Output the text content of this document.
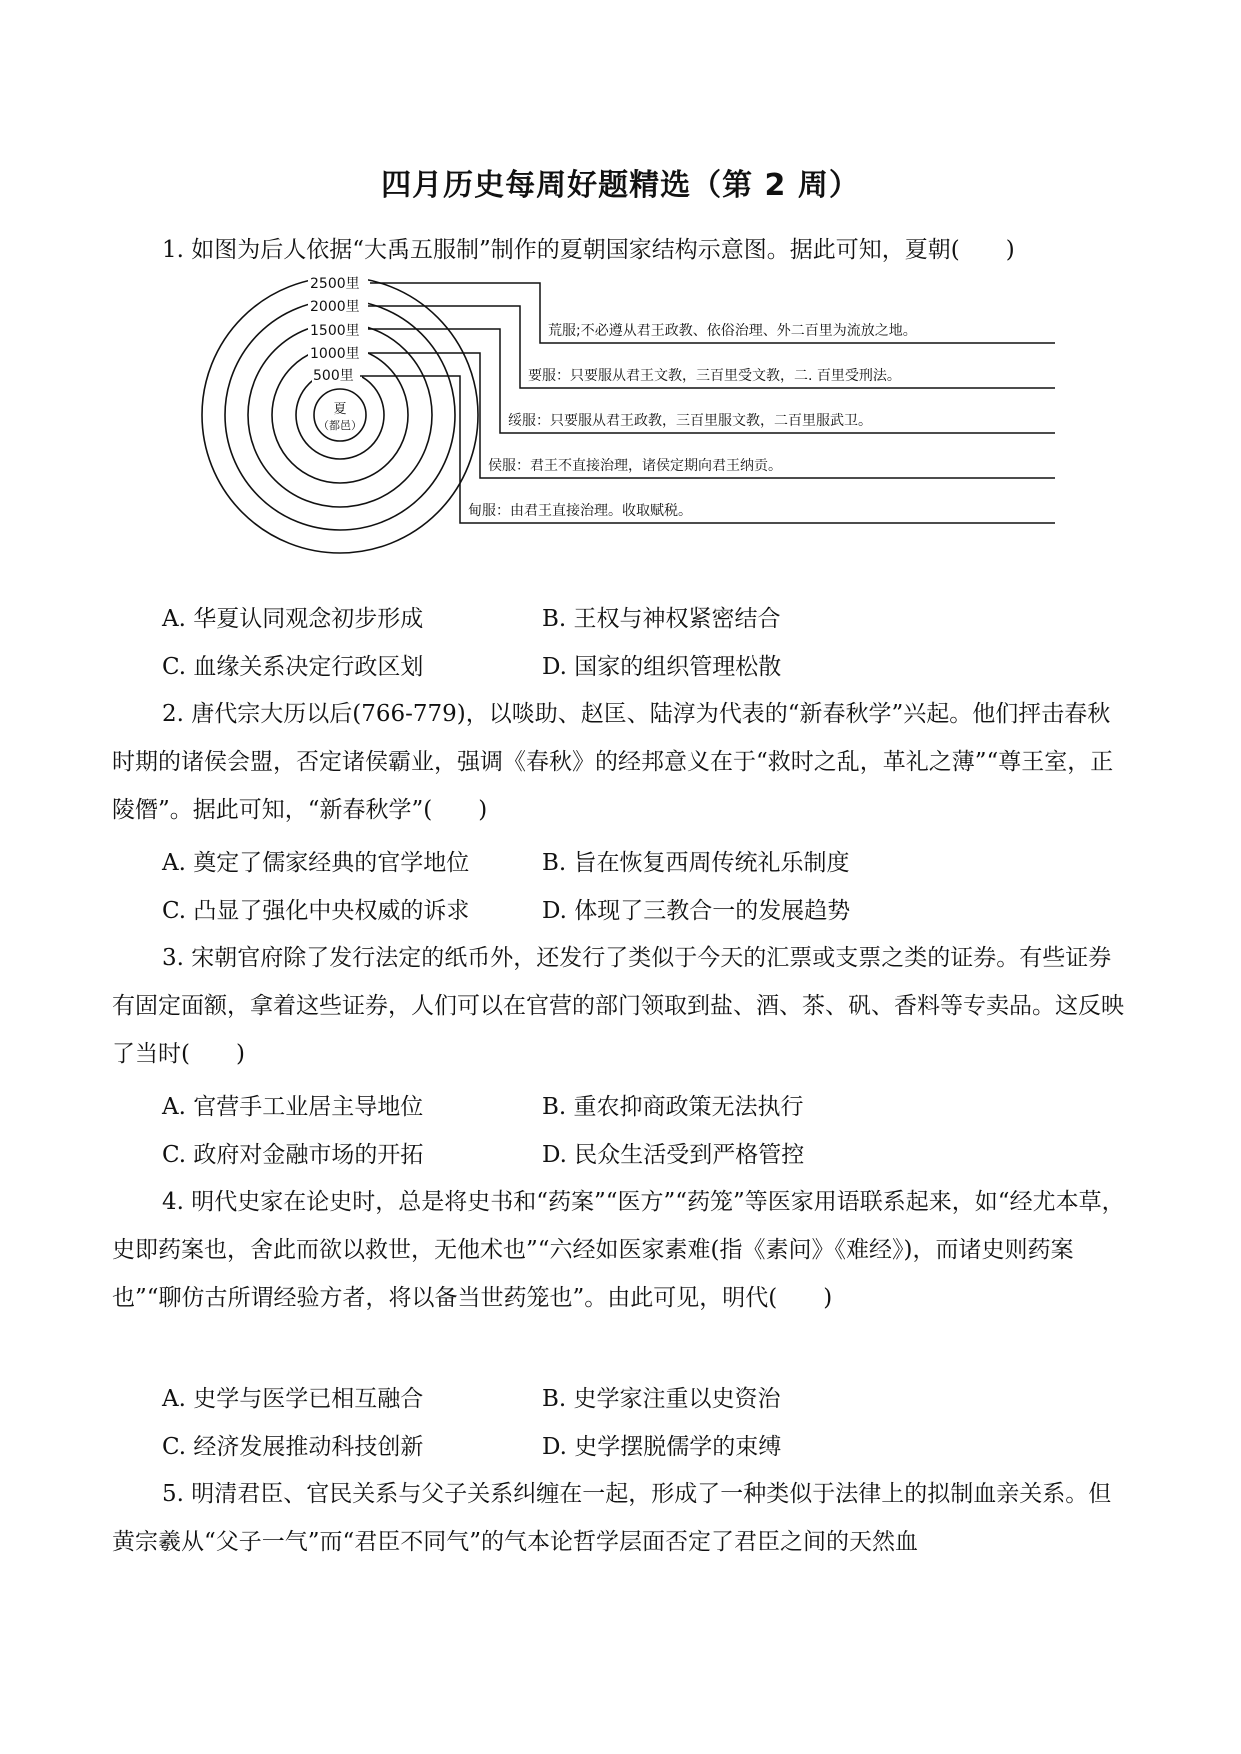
四月历史每周好题精选（第 2 周）

1. 如图为后人依据“大禹五服制”制作的夏朝国家结构示意图。据此可知，夏朝(　　)

2500里
2000里
1500里
1000里
500里
夏
（都邑）
荒服;不必遵从君王政教、依俗治理、外二百里为流放之地。
要服：只要服从君王文教，三百里受文教，二. 百里受刑法。
绥服：只要服从君王政教，三百里服文教，二百里服武卫。
侯服：君王不直接治理，诸侯定期向君王纳贡。
甸服：由君王直接治理。收取赋税。
A. 华夏认同观念初步形成	B. 王权与神权紧密结合
C. 血缘关系决定行政区划	D. 国家的组织管理松散

2. 唐代宗大历以后(766-779)，以啖助、赵匡、陆淳为代表的“新春秋学”兴起。他们抨击春秋时期的诸侯会盟，否定诸侯霸业，强调《春秋》的经邦意义在于“救时之乱，革礼之薄”“尊王室，正陵僭”。据此可知，“新春秋学”(　　)

A. 奠定了儒家经典的官学地位	B. 旨在恢复西周传统礼乐制度
C. 凸显了强化中央权威的诉求	D. 体现了三教合一的发展趋势

3. 宋朝官府除了发行法定的纸币外，还发行了类似于今天的汇票或支票之类的证券。有些证券有固定面额，拿着这些证券，人们可以在官营的部门领取到盐、酒、茶、矾、香料等专卖品。这反映了当时(　　)

A. 官营手工业居主导地位	B. 重农抑商政策无法执行
C. 政府对金融市场的开拓	D. 民众生活受到严格管控

4. 明代史家在论史时，总是将史书和“药案”“医方”“药笼”等医家用语联系起来，如“经尤本草，史即药案也，舍此而欲以救世，无他术也”“六经如医家素难(指《素问》《难经》)，而诸史则药案也”“聊仿古所谓经验方者，将以备当世药笼也”。由此可见，明代(　　)

A. 史学与医学已相互融合	B. 史学家注重以史资治
C. 经济发展推动科技创新	D. 史学摆脱儒学的束缚

5. 明清君臣、官民关系与父子关系纠缠在一起，形成了一种类似于法律上的拟制血亲关系。但黄宗羲从“父子一气”而“君臣不同气”的气本论哲学层面否定了君臣之间的天然血
